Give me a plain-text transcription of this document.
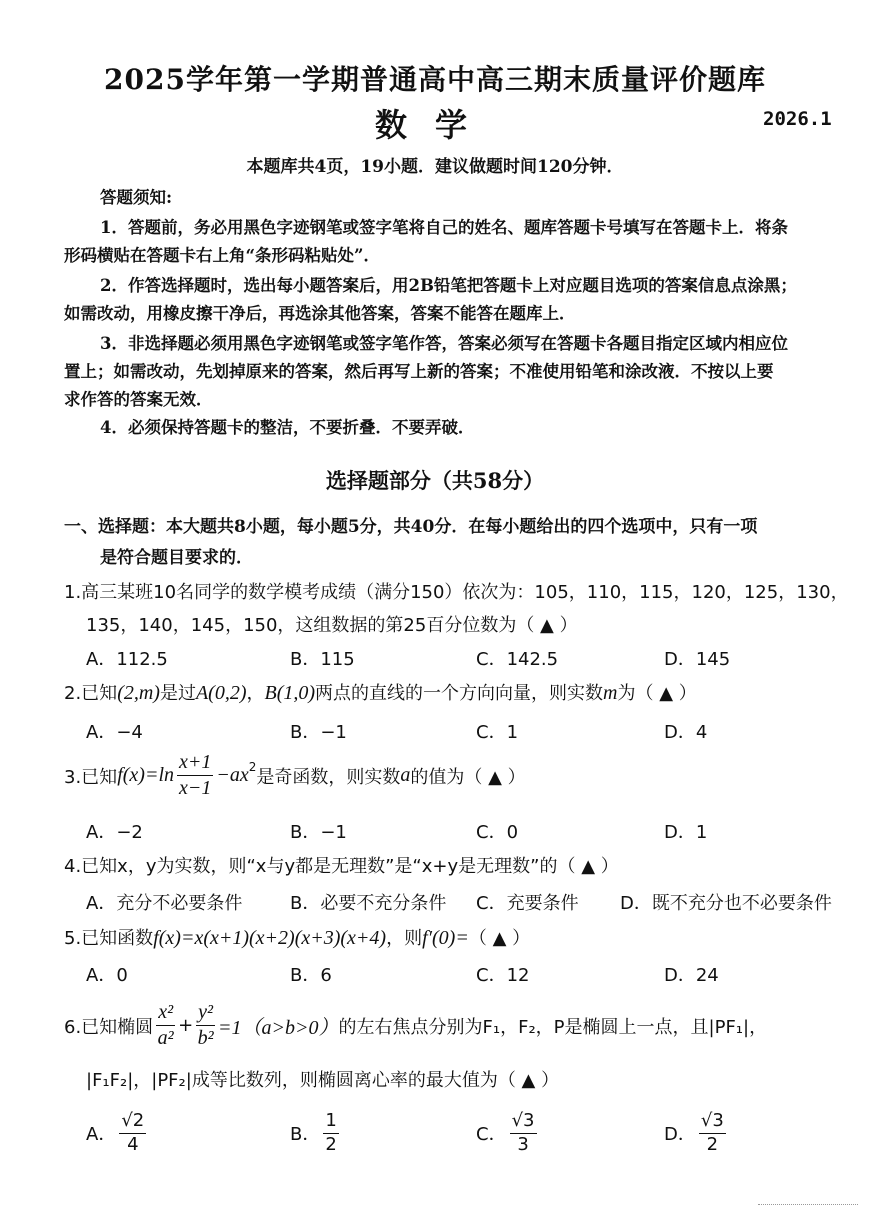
2025学年第一学期普通高中高三期末质量评价题库
数学	2026.1
本题库共4页，19小题．建议做题时间120分钟．
答题须知:
1．答题前，务必用黑色字迹钢笔或签字笔将自己的姓名、题库答题卡号填写在答题卡上．将条
形码横贴在答题卡右上角“条形码粘贴处”．
2．作答选择题时，选出每小题答案后，用2B铅笔把答题卡上对应题目选项的答案信息点涂黑；
如需改动，用橡皮擦干净后，再选涂其他答案，答案不能答在题库上．
3．非选择题必须用黑色字迹钢笔或签字笔作答，答案必须写在答题卡各题目指定区域内相应位
置上；如需改动，先划掉原来的答案，然后再写上新的答案；不准使用铅笔和涂改液．不按以上要
求作答的答案无效．
4．必须保持答题卡的整洁，不要折叠．不要弄破．
选择题部分（共58分）
一、选择题：本大题共8小题，每小题5分，共40分．在每小题给出的四个选项中，只有一项
是符合题目要求的．
1.高三某班10名同学的数学模考成绩（满分150）依次为：105，110，115，120，125，130，
135，140，145，150，这组数据的第25百分位数为（ ▲ ）
A．112.5	B．115	C．142.5	D．145
2.已知(2,m)是过A(0,2)，B(1,0)两点的直线的一个方向向量，则实数m为（ ▲ ）
A．−4	B．−1	C．1	D．4
3.已知 $f(x)=\ln \frac{x+1}{x-1} -ax^2$ 是奇函数，则实数 a 的值为（ ▲ ）
A．−2	B．−1	C．0	D．1
4.已知x，y为实数，则“x与y都是无理数”是“x+y是无理数”的（ ▲ ）
A．充分不必要条件	B．必要不充分条件 C．充要条件 D．既不充分也不必要条件
5.已知函数f(x)=x(x+1)(x+2)(x+3)(x+4)，则f′(0)=（ ▲ ）
A．0	B．6	C．12	D．24
6.已知椭圆 $\frac{\text{x²}}{\text{a²}} + \frac{\text{y²}}{\text{b²}} =1(a>b>0)$ 的左右焦点分别为F₁，F₂，P是椭圆上一点，且|PF₁|，
|F₁F₂|，|PF₂|成等比数列，则椭圆离心率的最大值为（ ▲ ）
A． $\frac{√2}{4}$	B． $\frac{1}{2}$	C． $\frac{√3}{3}$	D． $\frac{√3}{2}$
